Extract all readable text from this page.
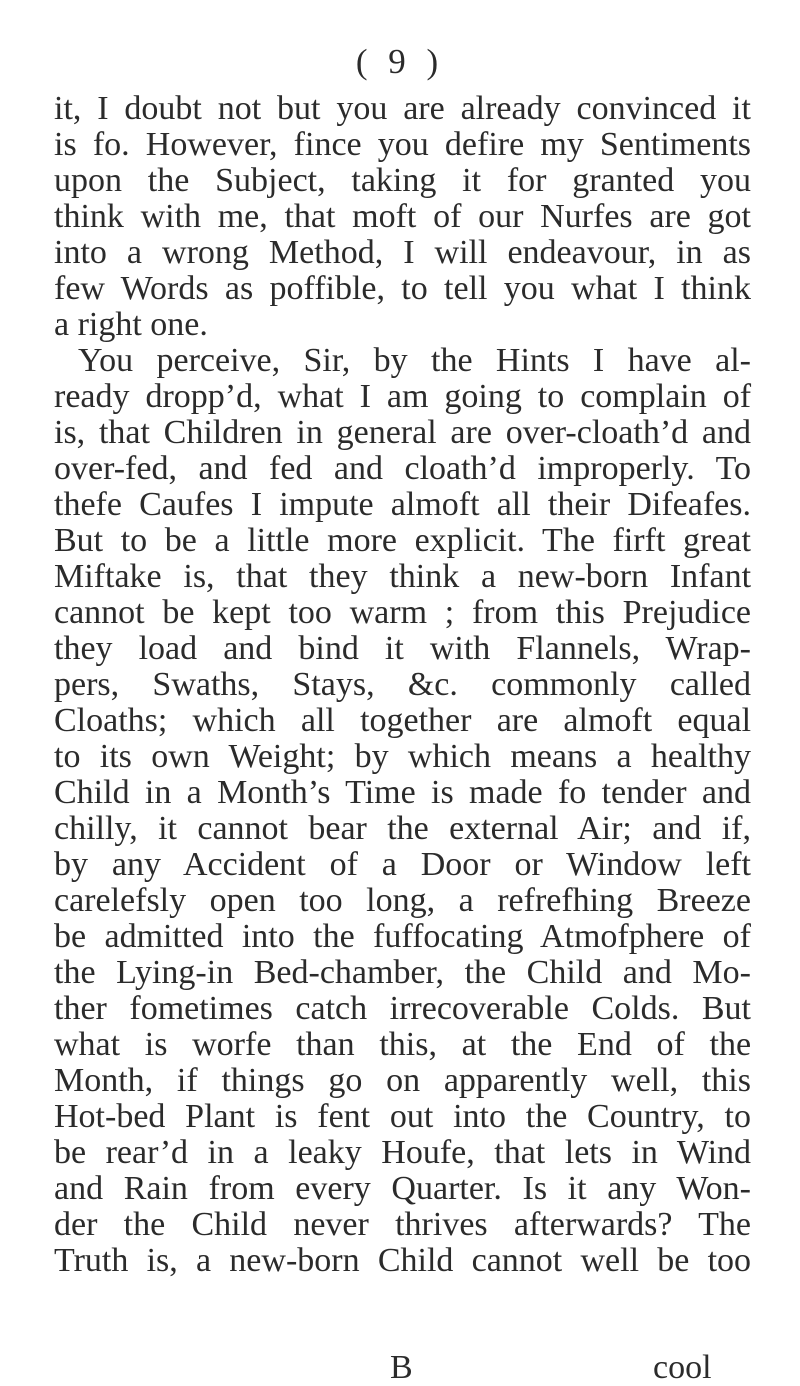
( 9 )
it, I doubt not but you are already convinced it
is fo. However, fince you defire my Sentiments
upon the Subject, taking it for granted you
think with me, that moft of our Nurfes are got
into a wrong Method, I will endeavour, in as
few Words as poffible, to tell you what I think
a right one.
You perceive, Sir, by the Hints I have al-
ready dropp’d, what I am going to complain of
is, that Children in general are over-cloath’d and
over-fed, and fed and cloath’d improperly. To
thefe Caufes I impute almoft all their Difeafes.
But to be a little more explicit. The firft great
Miftake is, that they think a new-born Infant
cannot be kept too warm ; from this Prejudice
they load and bind it with Flannels, Wrap-
pers, Swaths, Stays, &c. commonly called
Cloaths; which all together are almoft equal
to its own Weight; by which means a healthy
Child in a Month’s Time is made fo tender and
chilly, it cannot bear the external Air; and if,
by any Accident of a Door or Window left
carelefsly open too long, a refrefhing Breeze
be admitted into the fuffocating Atmofphere of
the Lying-in Bed-chamber, the Child and Mo-
ther fometimes catch irrecoverable Colds. But
what is worfe than this, at the End of the
Month, if things go on apparently well, this
Hot-bed Plant is fent out into the Country, to
be rear’d in a leaky Houfe, that lets in Wind
and Rain from every Quarter. Is it any Won-
der the Child never thrives afterwards? The
Truth is, a new-born Child cannot well be too
B	cool
